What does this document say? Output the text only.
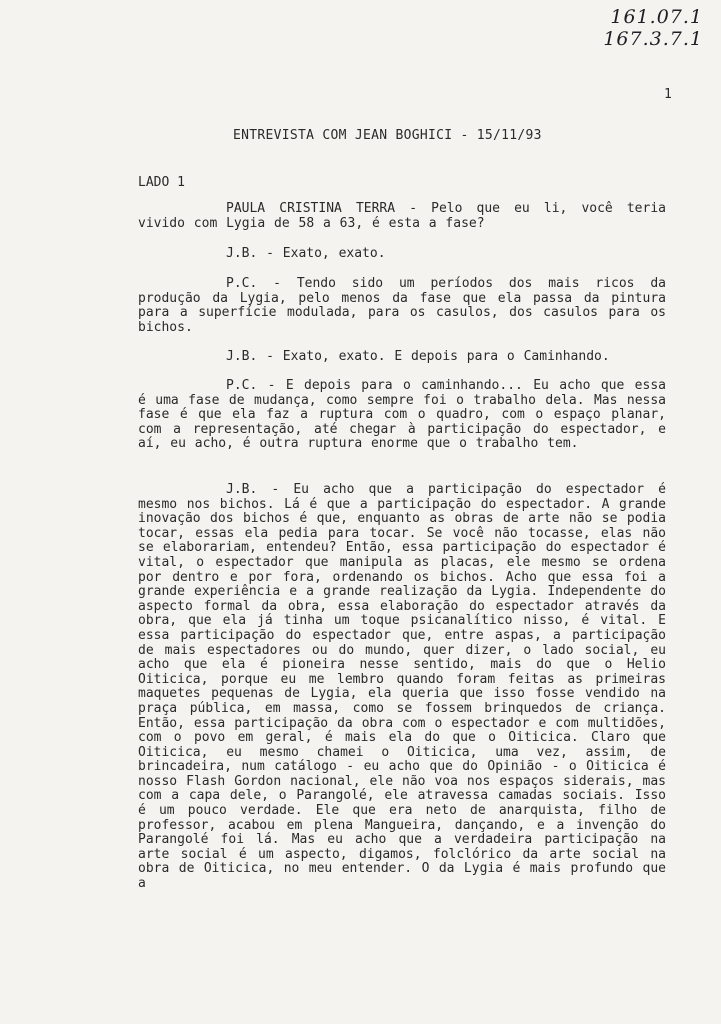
161.07.1
167.3.7.1
1
ENTREVISTA COM JEAN BOGHICI - 15/11/93
LADO 1

PAULA CRISTINA TERRA - Pelo que eu li, você teria vivido com Lygia de 58 a 63, é esta a fase?

J.B. - Exato, exato.

P.C. - Tendo sido um períodos dos mais ricos da produção da Lygia, pelo menos da fase que ela passa da pintura para a superfície modulada, para os casulos, dos casulos para os bichos.

J.B. - Exato, exato. E depois para o Caminhando.

P.C. - E depois para o caminhando... Eu acho que essa é uma fase de mudança, como sempre foi o trabalho dela. Mas nessa fase é que ela faz a ruptura com o quadro, com o espaço planar, com a representação, até chegar à participação do espectador, e aí, eu acho, é outra ruptura enorme que o trabalho tem.

J.B. - Eu acho que a participação do espectador é mesmo nos bichos. Lá é que a participação do espectador. A grande inovação dos bichos é que, enquanto as obras de arte não se podia tocar, essas ela pedia para tocar. Se você não tocasse, elas não se elaborariam, entendeu? Então, essa participação do espectador é vital, o espectador que manipula as placas, ele mesmo se ordena por dentro e por fora, ordenando os bichos. Acho que essa foi a grande experiência e a grande realização da Lygia. Independente do aspecto formal da obra, essa elaboração do espectador através da obra, que ela já tinha um toque psicanalítico nisso, é vital. E essa participação do espectador que, entre aspas, a participação de mais espectadores ou do mundo, quer dizer, o lado social, eu acho que ela é pioneira nesse sentido, mais do que o Helio Oiticica, porque eu me lembro quando foram feitas as primeiras maquetes pequenas de Lygia, ela queria que isso fosse vendido na praça pública, em massa, como se fossem brinquedos de criança. Então, essa participação da obra com o espectador e com multidões, com o povo em geral, é mais ela do que o Oiticica. Claro que Oiticica, eu mesmo chamei o Oiticica, uma vez, assim, de brincadeira, num catálogo - eu acho que do Opinião - o Oiticica é nosso Flash Gordon nacional, ele não voa nos espaços siderais, mas com a capa dele, o Parangolé, ele atravessa camadas sociais. Isso é um pouco verdade. Ele que era neto de anarquista, filho de professor, acabou em plena Mangueira, dançando, e a invenção do Parangolé foi lá. Mas eu acho que a verdadeira participação na arte social é um aspecto, digamos, folclórico da arte social na obra de Oiticica, no meu entender. O da Lygia é mais profundo que a
